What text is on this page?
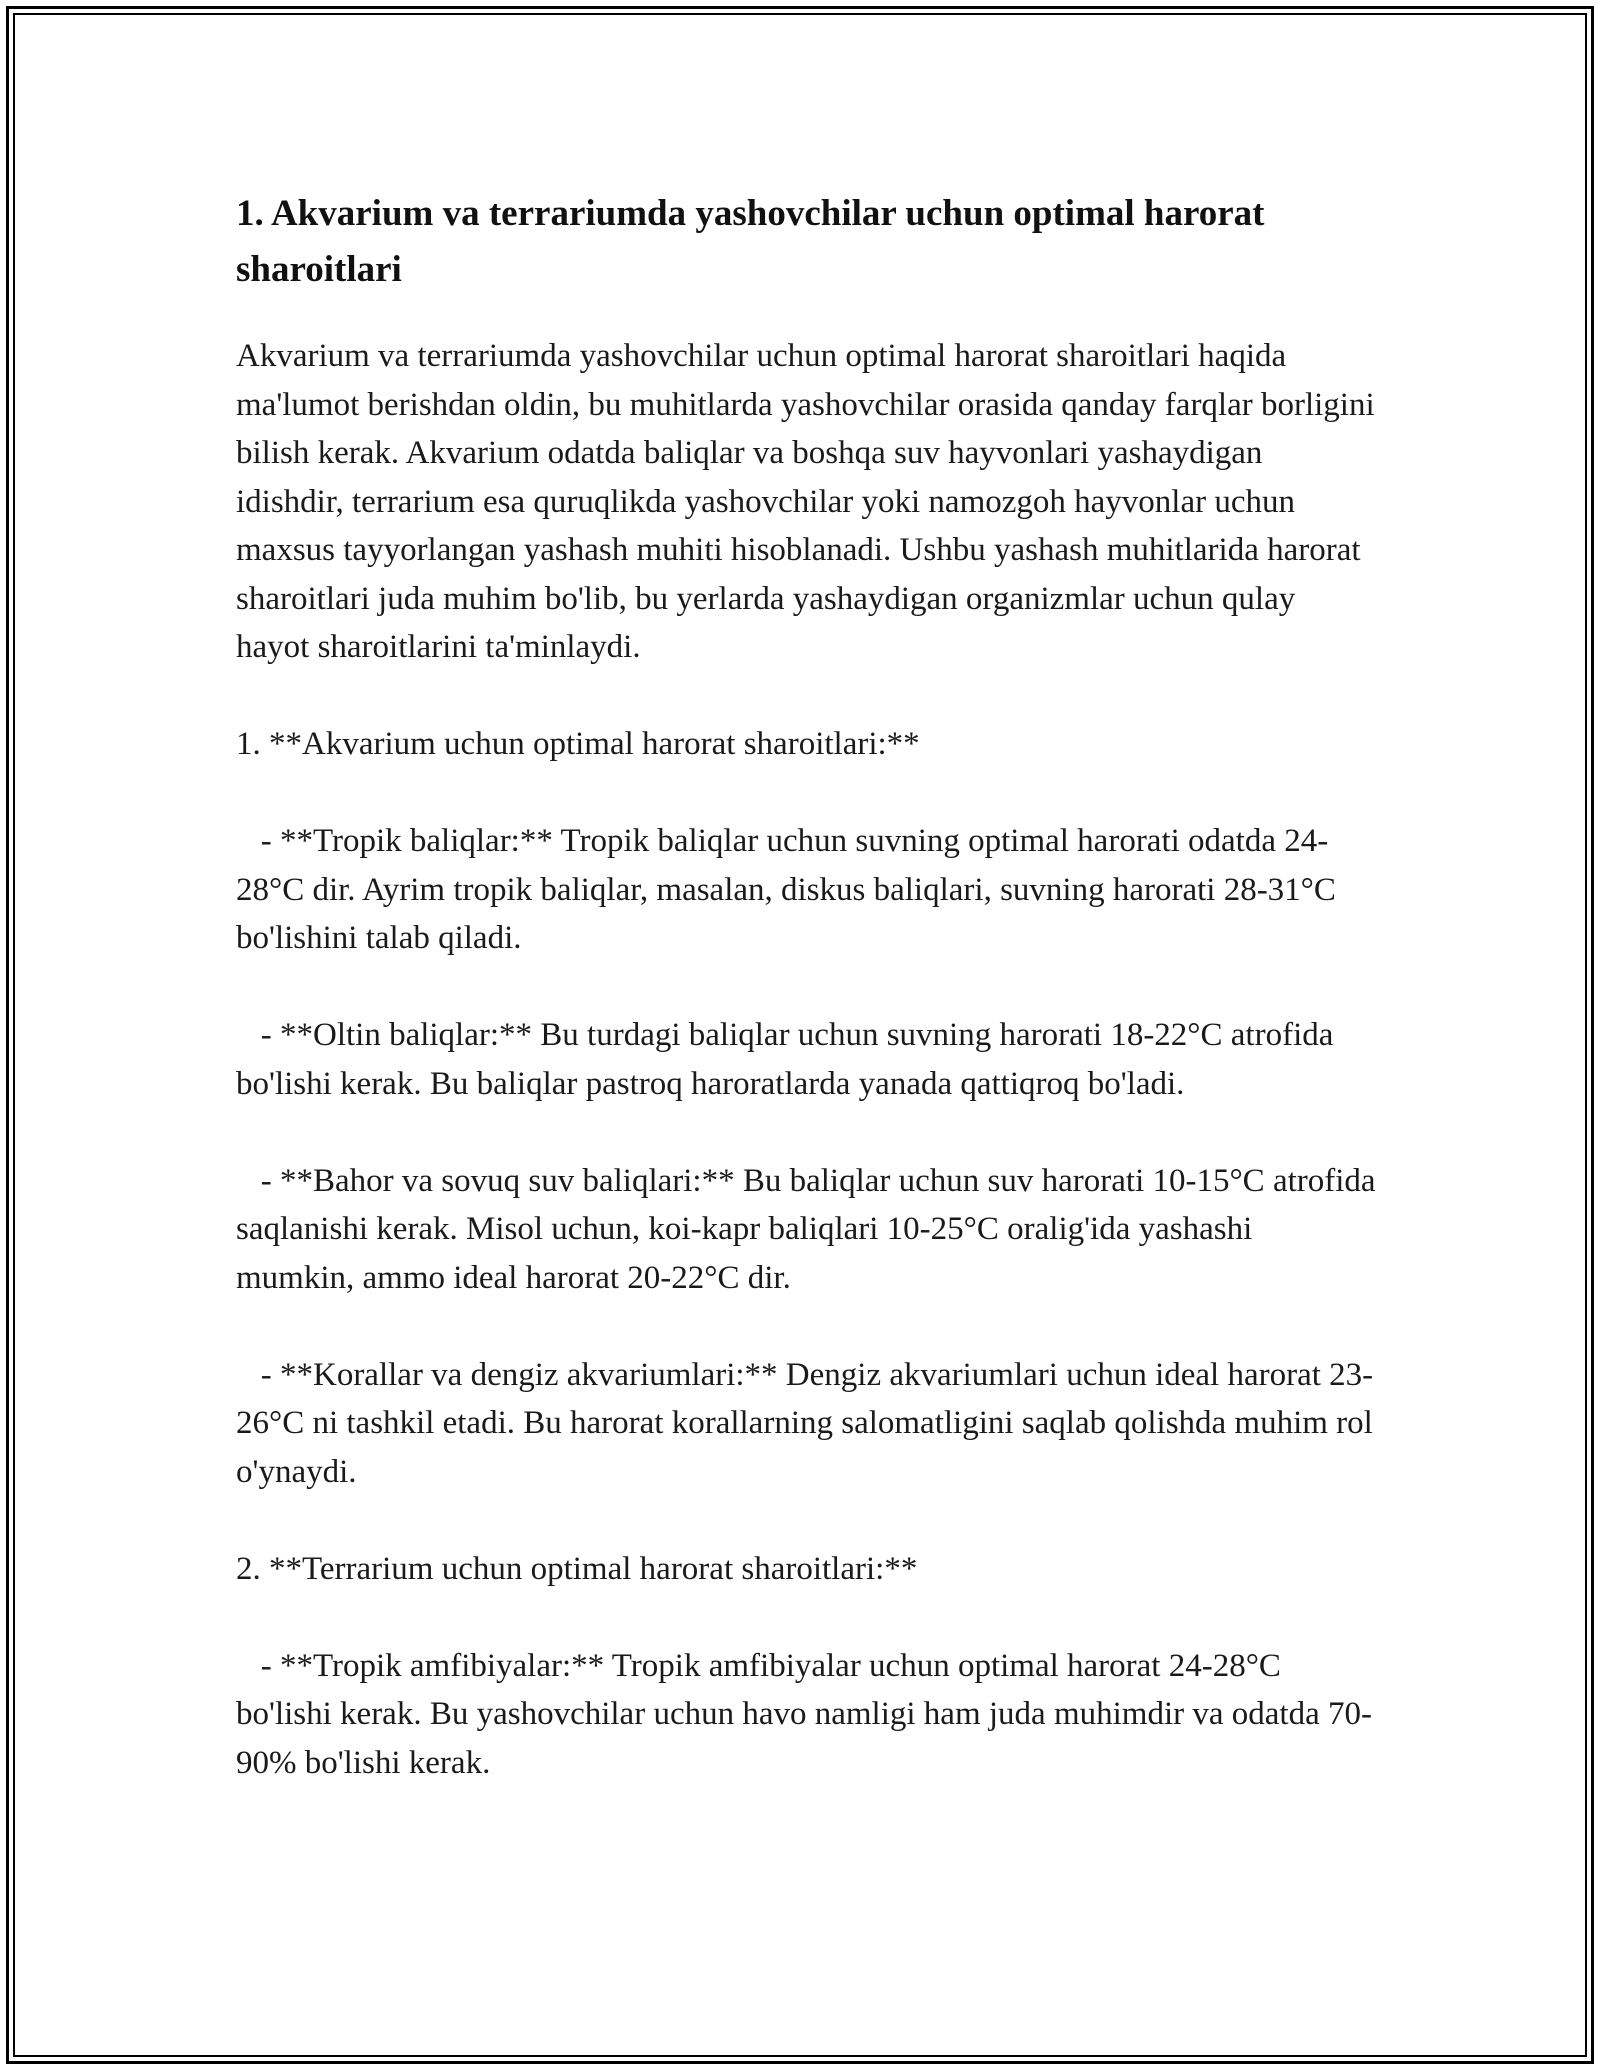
1. Akvarium va terrariumda yashovchilar uchun optimal harorat sharoitlari

Akvarium va terrariumda yashovchilar uchun optimal harorat sharoitlari haqida ma'lumot berishdan oldin, bu muhitlarda yashovchilar orasida qanday farqlar borligini bilish kerak. Akvarium odatda baliqlar va boshqa suv hayvonlari yashaydigan idishdir, terrarium esa quruqlikda yashovchilar yoki namozgoh hayvonlar uchun maxsus tayyorlangan yashash muhiti hisoblanadi. Ushbu yashash muhitlarida harorat sharoitlari juda muhim bo'lib, bu yerlarda yashaydigan organizmlar uchun qulay hayot sharoitlarini ta'minlaydi.

1. **Akvarium uchun optimal harorat sharoitlari:**

- **Tropik baliqlar:** Tropik baliqlar uchun suvning optimal harorati odatda 24-28°C dir. Ayrim tropik baliqlar, masalan, diskus baliqlari, suvning harorati 28-31°C bo'lishini talab qiladi.

- **Oltin baliqlar:** Bu turdagi baliqlar uchun suvning harorati 18-22°C atrofida bo'lishi kerak. Bu baliqlar pastroq haroratlarda yanada qattiqroq bo'ladi.

- **Bahor va sovuq suv baliqlari:** Bu baliqlar uchun suv harorati 10-15°C atrofida saqlanishi kerak. Misol uchun, koi-kapr baliqlari 10-25°C oralig'ida yashashi mumkin, ammo ideal harorat 20-22°C dir.

- **Korallar va dengiz akvariumlari:** Dengiz akvariumlari uchun ideal harorat 23-26°C ni tashkil etadi. Bu harorat korallarning salomatligini saqlab qolishda muhim rol o'ynaydi.

2. **Terrarium uchun optimal harorat sharoitlari:**

- **Tropik amfibiyalar:** Tropik amfibiyalar uchun optimal harorat 24-28°C bo'lishi kerak. Bu yashovchilar uchun havo namligi ham juda muhimdir va odatda 70-90% bo'lishi kerak.
